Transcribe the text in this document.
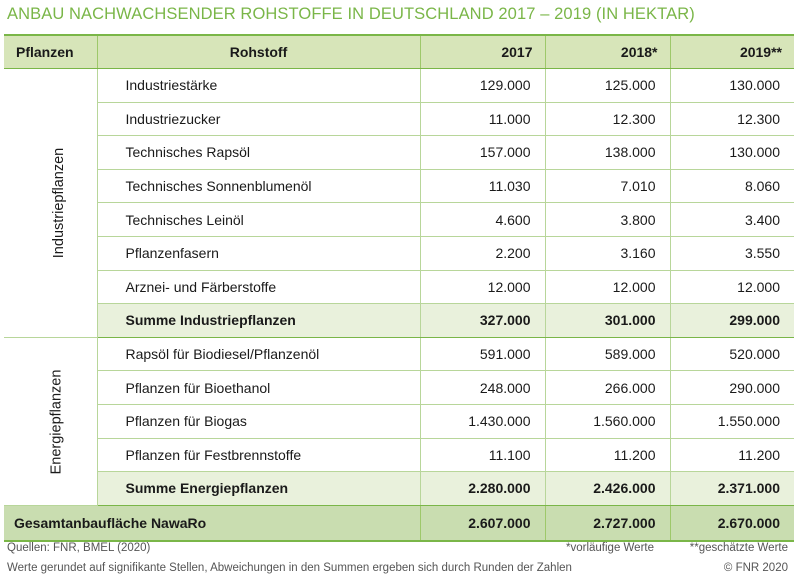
ANBAU NACHWACHSENDER ROHSTOFFE IN DEUTSCHLAND 2017 – 2019 (IN HEKTAR)
Pflanzen	Rohstoff	2017	2018*	2019**
Industriepflanzen	Industriestärke	129.000	125.000	130.000
	Industriezucker	11.000	12.300	12.300
	Technisches Rapsöl	157.000	138.000	130.000
	Technisches Sonnenblumenöl	11.030	7.010	8.060
	Technisches Leinöl	4.600	3.800	3.400
	Pflanzenfasern	2.200	3.160	3.550
	Arznei- und Färberstoffe	12.000	12.000	12.000
	Summe Industriepflanzen	327.000	301.000	299.000
Energiepflanzen	Rapsöl für Biodiesel/Pflanzenöl	591.000	589.000	520.000
	Pflanzen für Bioethanol	248.000	266.000	290.000
	Pflanzen für Biogas	1.430.000	1.560.000	1.550.000
	Pflanzen für Festbrennstoffe	11.100	11.200	11.200
	Summe Energiepflanzen	2.280.000	2.426.000	2.371.000
Gesamtanbaufläche NawaRo		2.607.000	2.727.000	2.670.000
Quellen: FNR, BMEL (2020)
Werte gerundet auf signifikante Stellen, Abweichungen in den Summen ergeben sich durch Runden der Zahlen
*vorläufige Werte	**geschätzte Werte
© FNR 2020
